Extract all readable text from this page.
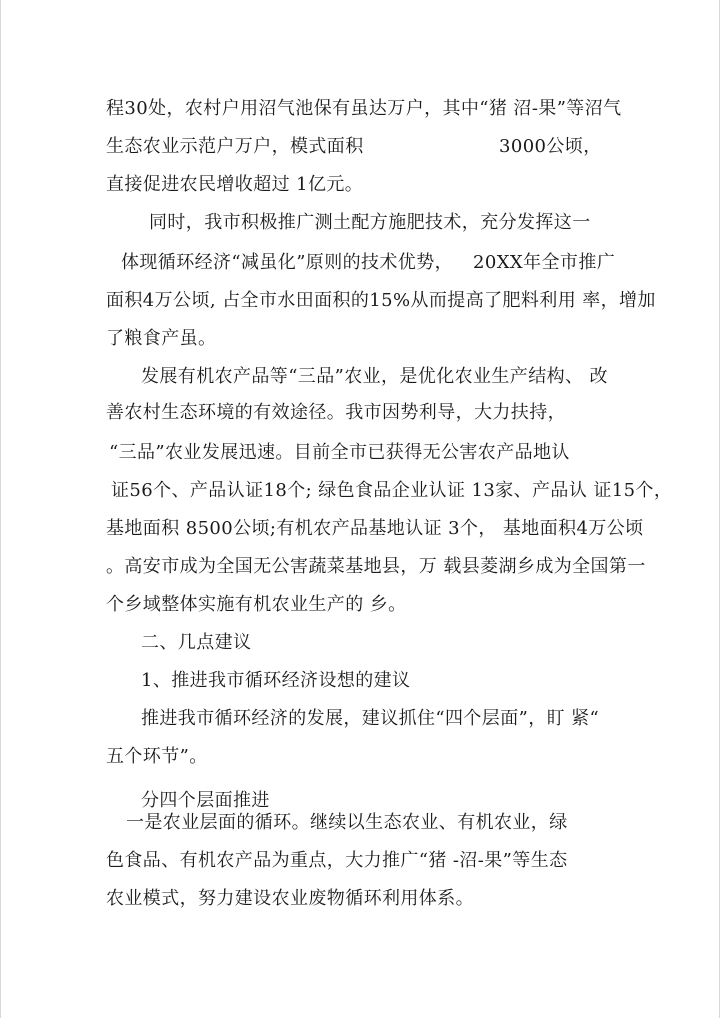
程30处，农村户用沼气池保有虽达万户，其中“猪 沼-果”等沼气
生态农业示范户万户，模式面积	3000公顷，
直接促进农民增收超过 1亿元。
同时，我市积极推广测土配方施肥技术，充分发挥这一
体现循环经济“减虽化”原则的技术优势， 20XX年全市推广
面积4万公顷, 占全市水田面积的15%从而提高了肥料利用 率，增加
了粮食产虽。
发展有机农产品等“三品”农业，是优化农业生产结构、 改
善农村生态环境的有效途径。我市因势利导，大力扶持，
“三品”农业发展迅速。目前全市已获得无公害农产品地认
证56个、产品认证18个; 绿色食品企业认证 13家、产品认 证15个，
基地面积 8500公顷;有机农产品基地认证 3个， 基地面积4万公顷
。高安市成为全国无公害蔬菜基地县，万 载县菱湖乡成为全国第一
个乡域整体实施有机农业生产的 乡。
二、几点建议
1、推进我市循环经济设想的建议
推进我市循环经济的发展，建议抓住“四个层面”，盯 紧“
五个环节”。
分四个层面推进
一是农业层面的循环。继续以生态农业、有机农业，绿
色食品、有机农产品为重点，大力推广“猪 -沼-果”等生态
农业模式，努力建设农业废物循环利用体系。
